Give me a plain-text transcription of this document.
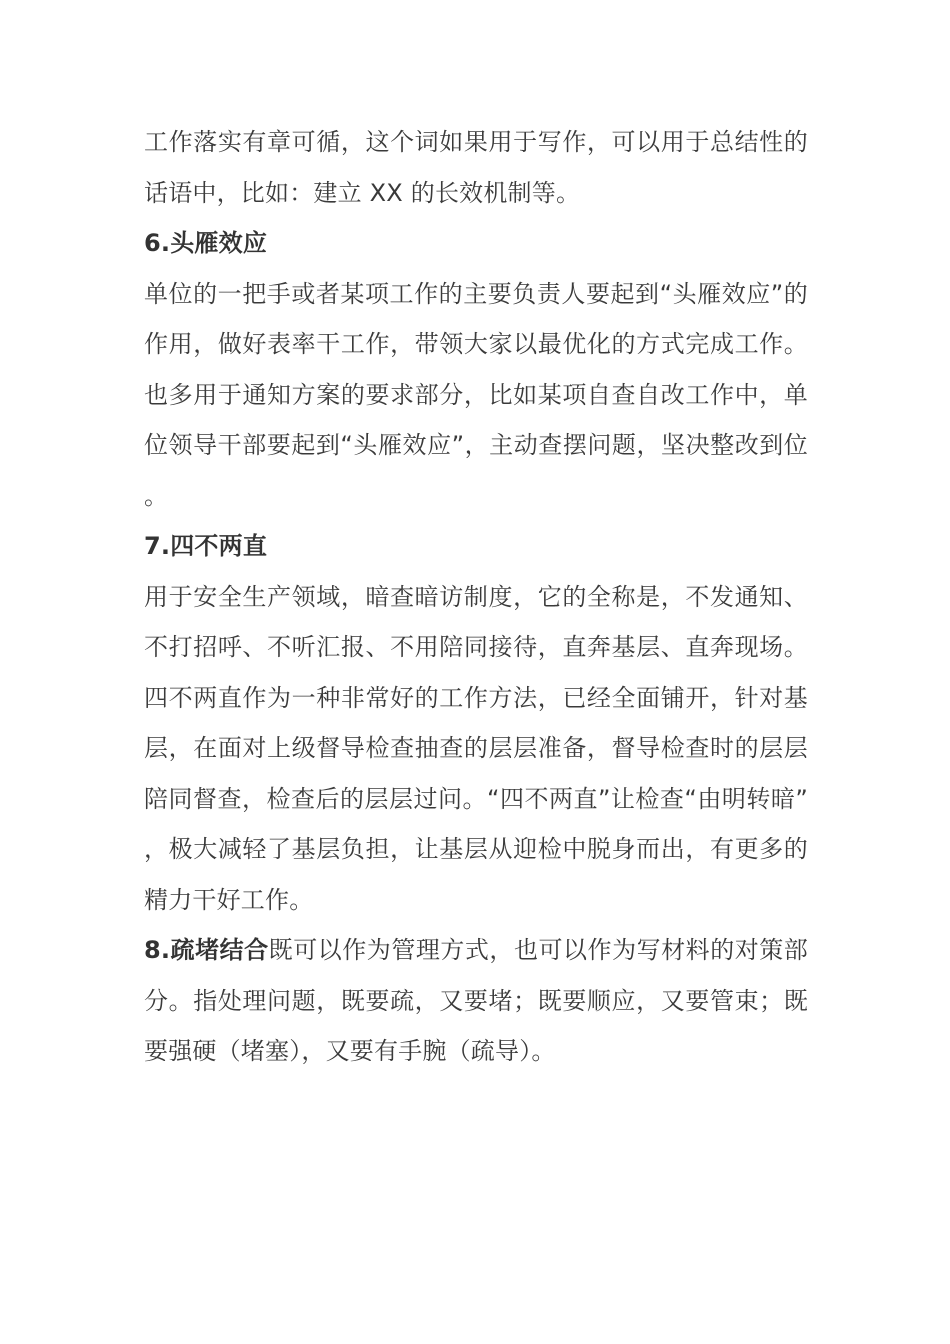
工作落实有章可循，这个词如果用于写作，可以用于总结性的话语中，比如：建立 XX 的长效机制等。

6.头雁效应

单位的一把手或者某项工作的主要负责人要起到“头雁效应”的作用，做好表率干工作，带领大家以最优化的方式完成工作。也多用于通知方案的要求部分，比如某项自查自改工作中，单位领导干部要起到“头雁效应”，主动查摆问题，坚决整改到位。

7.四不两直

用于安全生产领域，暗查暗访制度，它的全称是，不发通知、不打招呼、不听汇报、不用陪同接待，直奔基层、直奔现场。四不两直作为一种非常好的工作方法，已经全面铺开，针对基层，在面对上级督导检查抽查的层层准备，督导检查时的层层陪同督查，检查后的层层过问。“四不两直”让检查“由明转暗”，极大减轻了基层负担，让基层从迎检中脱身而出，有更多的精力干好工作。

8.疏堵结合既可以作为管理方式，也可以作为写材料的对策部分。指处理问题，既要疏，又要堵；既要顺应，又要管束；既要强硬（堵塞），又要有手腕（疏导）。
